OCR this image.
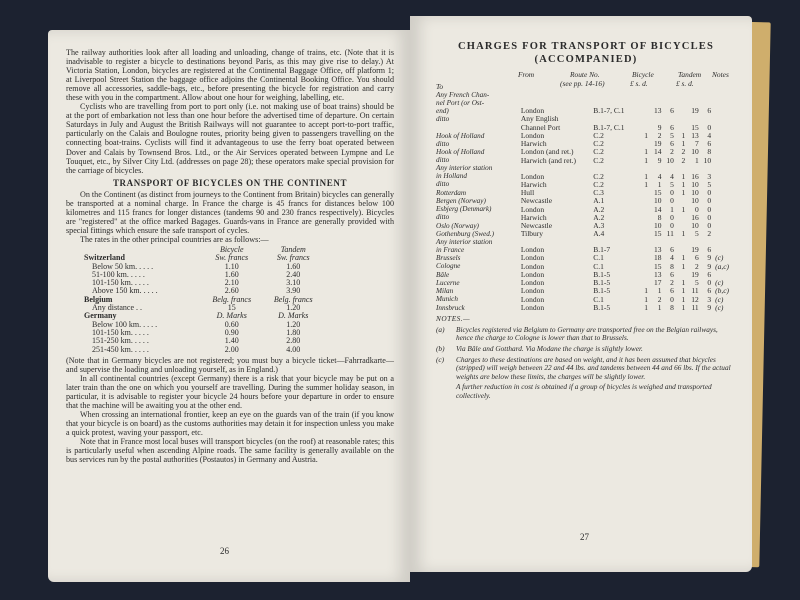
The railway authorities look after all loading and unloading, change of trains, etc. (Note that it is inadvisable to register a bicycle to destinations beyond Paris, as this may give rise to delay.) At Victoria Station, London, bicycles are registered at the Continental Baggage Office, off platform 1; at Liverpool Street Station the baggage office adjoins the Continental Booking Office. You should remove all accessories, saddle-bags, etc., before presenting the bicycle for registration and carry these with you in the compartment. Allow about one hour for weighing, labelling, etc.

Cyclists who are travelling from port to port only (i.e. not making use of boat trains) should be at the port of embarkation not less than one hour before the advertised time of departure. On certain Saturdays in July and August the British Railways will not guarantee to accept port-to-port traffic, particularly on the Calais and Boulogne routes, priority being given to passengers travelling on the connecting boat-trains. Cyclists will find it advantageous to use the ferry boat operated between Dover and Calais by Townsend Bros. Ltd., or the Air Services operated between Lympne and Le Touquet, etc., by Silver City Ltd. (addresses on page 28); these operators make special provision for the carriage of bicycles.

TRANSPORT OF BICYCLES ON THE CONTINENT

On the Continent (as distinct from journeys to the Continent from Britain) bicycles can generally be transported at a nominal charge. In France the charge is 45 francs for distances below 100 kilometres and 115 francs for longer distances (tandems 90 and 230 francs respectively). Bicycles are "registered" at the office marked Bagages. Guards-vans in France are generally provided with special fittings which ensure the safe transport of cycles.

The rates in the other principal countries are as follows:—

	Bicycle	Tandem
Switzerland	Sw. francs	Sw. francs
Below 50 km. . . . .	1.10	1.60
51-100 km. . . . .	1.60	2.40
101-150 km. . . . .	2.10	3.10
Above 150 km. . . . .	2.60	3.90
Belgium	Belg. francs	Belg. francs
Any distance . .	15	1.20
Germany	D. Marks	D. Marks
Below 100 km. . . . .	0.60	1.20
101-150 km. . . . .	0.90	1.80
151-250 km. . . . .	1.40	2.80
251-450 km. . . . .	2.00	4.00

(Note that in Germany bicycles are not registered; you must buy a bicycle ticket—Fahrradkarte—and supervise the loading and unloading yourself, as in England.)

In all continental countries (except Germany) there is a risk that your bicycle may be put on a later train than the one on which you yourself are travelling. During the summer holiday season, in particular, it is advisable to register your bicycle 24 hours before your departure in order to ensure that the machine will be awaiting you at the other end.

When crossing an international frontier, keep an eye on the guards van of the train (if you know that your bicycle is on board) as the customs authorities may detain it for inspection unless you make a quick protest, waving your passport, etc.

Note that in France most local buses will transport bicycles (on the roof) at reasonable rates; this is particularly useful when ascending Alpine roads. The same facility is generally available on the bus services run by the postal authorities (Postautos) in Germany and Austria.

26
CHARGES FOR TRANSPORT OF BICYCLES
(ACCOMPANIED)
To
From	Route No.
(see pp. 14-16)
Bicycle
£ s. d.
Tandem
£ s. d.
Notes
Any French Chan-										
nel Port (or Ost-										
end)		London	B.1-7, C.1		13	6		19	6	
ditto		Any English								
		Channel Port	B.1-7, C.1		9	6		15	0	
Hook of Holland		London	C.2	1	2	5	1	13	4	
ditto		Harwich	C.2		19	6	1	7	6	
Hook of Holland		London (and ret.)	C.2	1	14	2	2	10	8	
ditto		Harwich (and ret.)	C.2	1	9	10	2	1	10	
Any interior station										
in Holland		London	C.2	1	4	4	1	16	3	
ditto		Harwich	C.2	1	1	5	1	10	5	
Rotterdam		Hull	C.3		15	0	1	10	0	
Bergen (Norway)		Newcastle	A.1		10	0		10	0	
Esbjerg (Denmark)		London	A.2		14	1	1	0	0	
ditto		Harwich	A.2		8	0		16	0	
Oslo (Norway)		Newcastle	A.3		10	0		10	0	
Gothenburg (Swed.)		Tilbury	A.4		15	11	1	5	2	
Any interior station										
in France		London	B.1-7		13	6		19	6	
Brussels		London	C.1		18	4	1	6	9	(c)
Cologne		London	C.1		15	8	1	2	9	(a,c)
Bâle		London	B.1-5		13	6		19	6	
Lucerne		London	B.1-5		17	2	1	5	0	(c)
Milan		London	B.1-5	1	1	6	1	11	6	(b,c)
Munich		London	C.1	1	2	0	1	12	3	(c)
Innsbruck		London	B.1-5	1	1	8	1	11	9	(c)
NOTES.—
(a)	Bicycles registered via Belgium to Germany are transported free on the Belgian railways, hence the charge to Cologne is lower than that to Brussels.
(b)	Via Bâle and Gotthard. Via Modane the charge is slightly lower.
(c)	Charges to these destinations are based on weight, and it has been assumed that bicycles (stripped) will weigh between 22 and 44 lbs. and tandems between 44 and 66 lbs. If the actual weights are below these limits, the charges will be slightly lower.
A further reduction in cost is obtained if a group of bicycles is weighed and transported collectively.
27
